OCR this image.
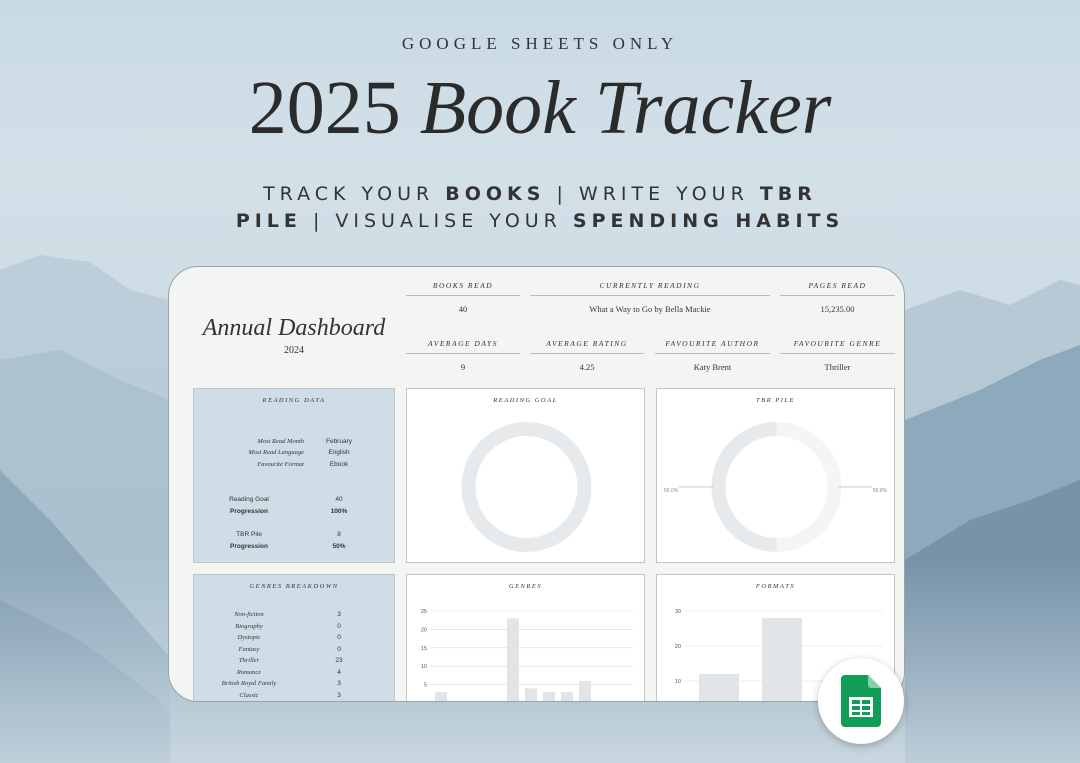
GOOGLE SHEETS ONLY
2025 Book Tracker
TRACK YOUR BOOKS | WRITE YOUR TBR
PILE | VISUALISE YOUR SPENDING HABITS
Annual Dashboard
2024
BOOKS READ
40
CURRENTLY READING
What a Way to Go by Bella Mackie
PAGES READ
15,235.00
AVERAGE DAYS
9
AVERAGE RATING
4.25
FAVOURITE AUTHOR
Katy Brent
FAVOURITE GENRE
Thriller
READING DATA
Most Read Month	February
Most Read Language	English
Favourite Format	Ebook
Reading Goal	40
Progression	100%
TBR Pile	8
Progression	50%
READING GOAL	TBR PILE
50.0%	50.0%
GENRES BREAKDOWN
Non-fiction	3
Biography	0
Dystopic	0
Fantasy	0
Thriller	23
Romance	4
British Royal Family	3
Classic	3
GENRES
5
10
15
20
25
FORMATS
10
20
30
